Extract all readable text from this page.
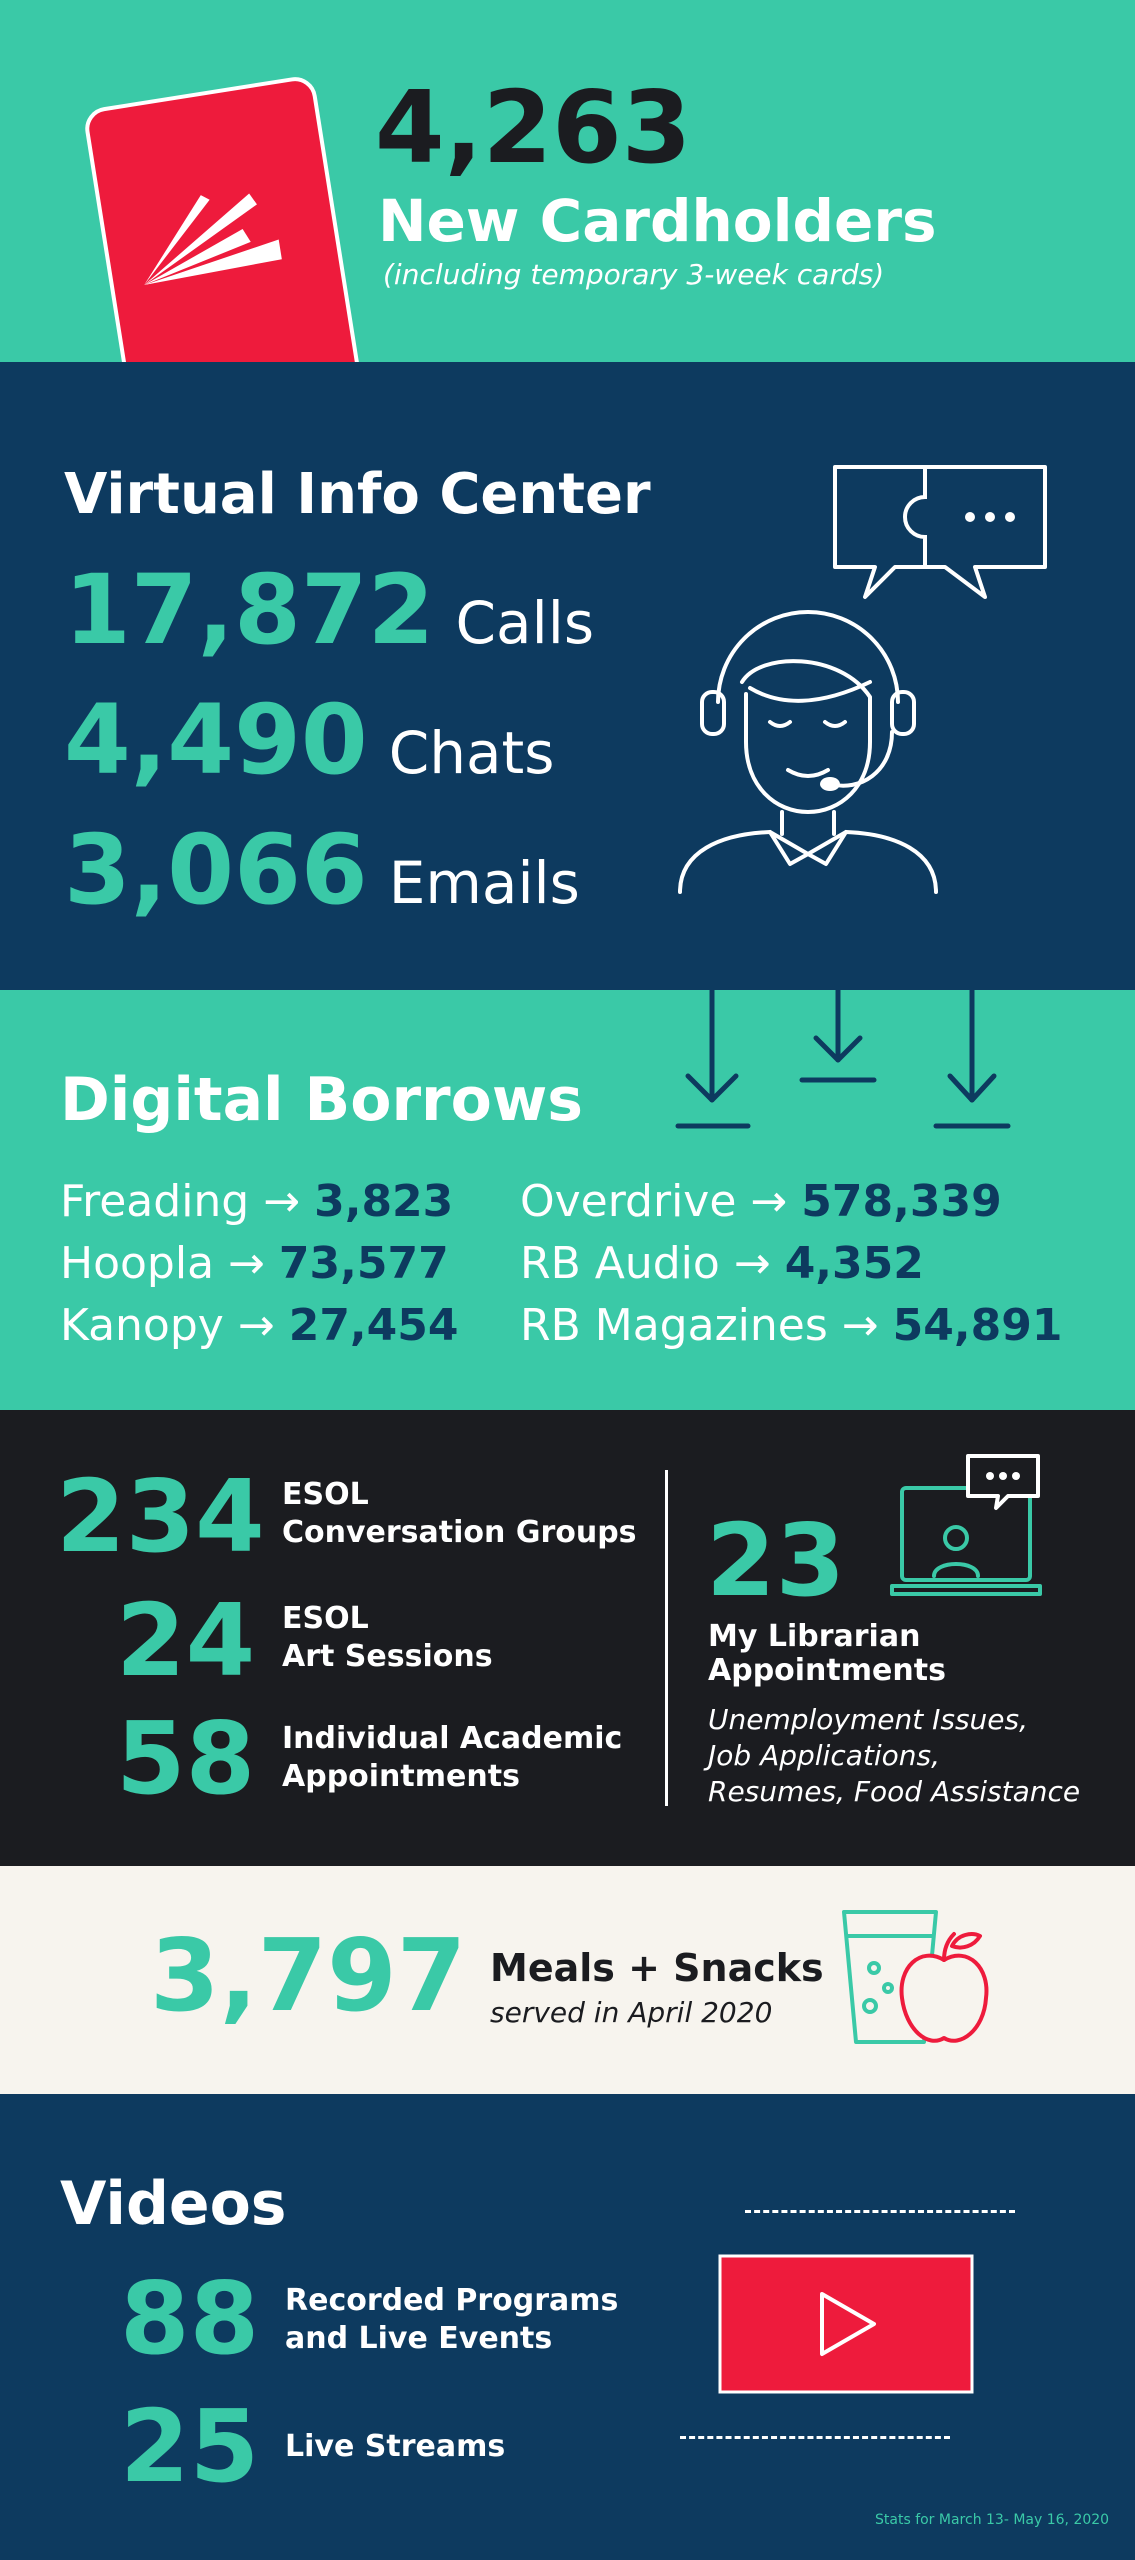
4,263
New Cardholders
(including temporary 3-week cards)
Virtual Info Center
17,872 Calls
4,490 Chats
3,066 Emails
Digital Borrows
Freading → 3,823
Hoopla → 73,577
Kanopy → 27,454
Overdrive → 578,339
RB Audio → 4,352
RB Magazines → 54,891
234 ESOL
Conversation Groups
24 ESOL
Art Sessions
58 Individual Academic
Appointments
23
My Librarian
Appointments
Unemployment Issues,
Job Applications,
Resumes, Food Assistance
3,797 Meals + Snacks
served in April 2020
Videos
88 Recorded Programs
and Live Events
25 Live Streams
Stats for March 13- May 16, 2020
